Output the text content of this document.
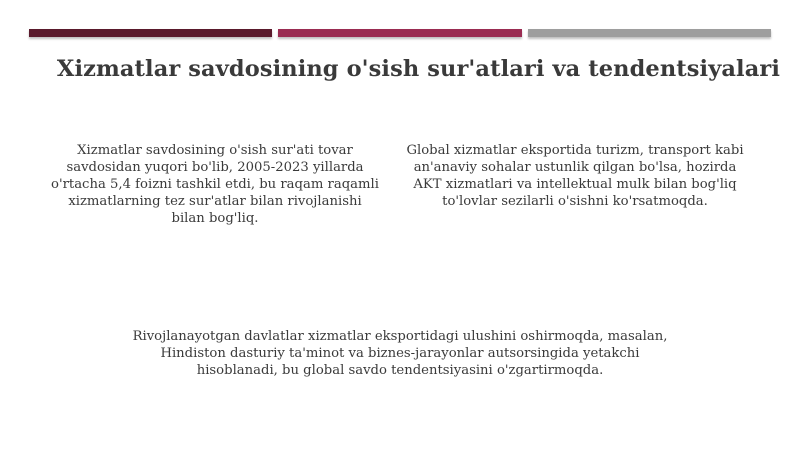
Xizmatlar savdosining o'sish sur'atlari va tendentsiyalari
Xizmatlar savdosining o'sish sur'ati tovar savdosidan yuqori bo'lib, 2005-2023 yillarda o'rtacha 5,4 foizni tashkil etdi, bu raqam raqamli xizmatlarning tez sur'atlar bilan rivojlanishi bilan bog'liq.
Global xizmatlar eksportida turizm, transport kabi an'anaviy sohalar ustunlik qilgan bo'lsa, hozirda AKT xizmatlari va intellektual mulk bilan bog'liq to'lovlar sezilarli o'sishni ko'rsatmoqda.
Rivojlanayotgan davlatlar xizmatlar eksportidagi ulushini oshirmoqda, masalan, Hindiston dasturiy ta'minot va biznes-jarayonlar autsorsingida yetakchi hisoblanadi, bu global savdo tendentsiyasini o'zgartirmoqda.
